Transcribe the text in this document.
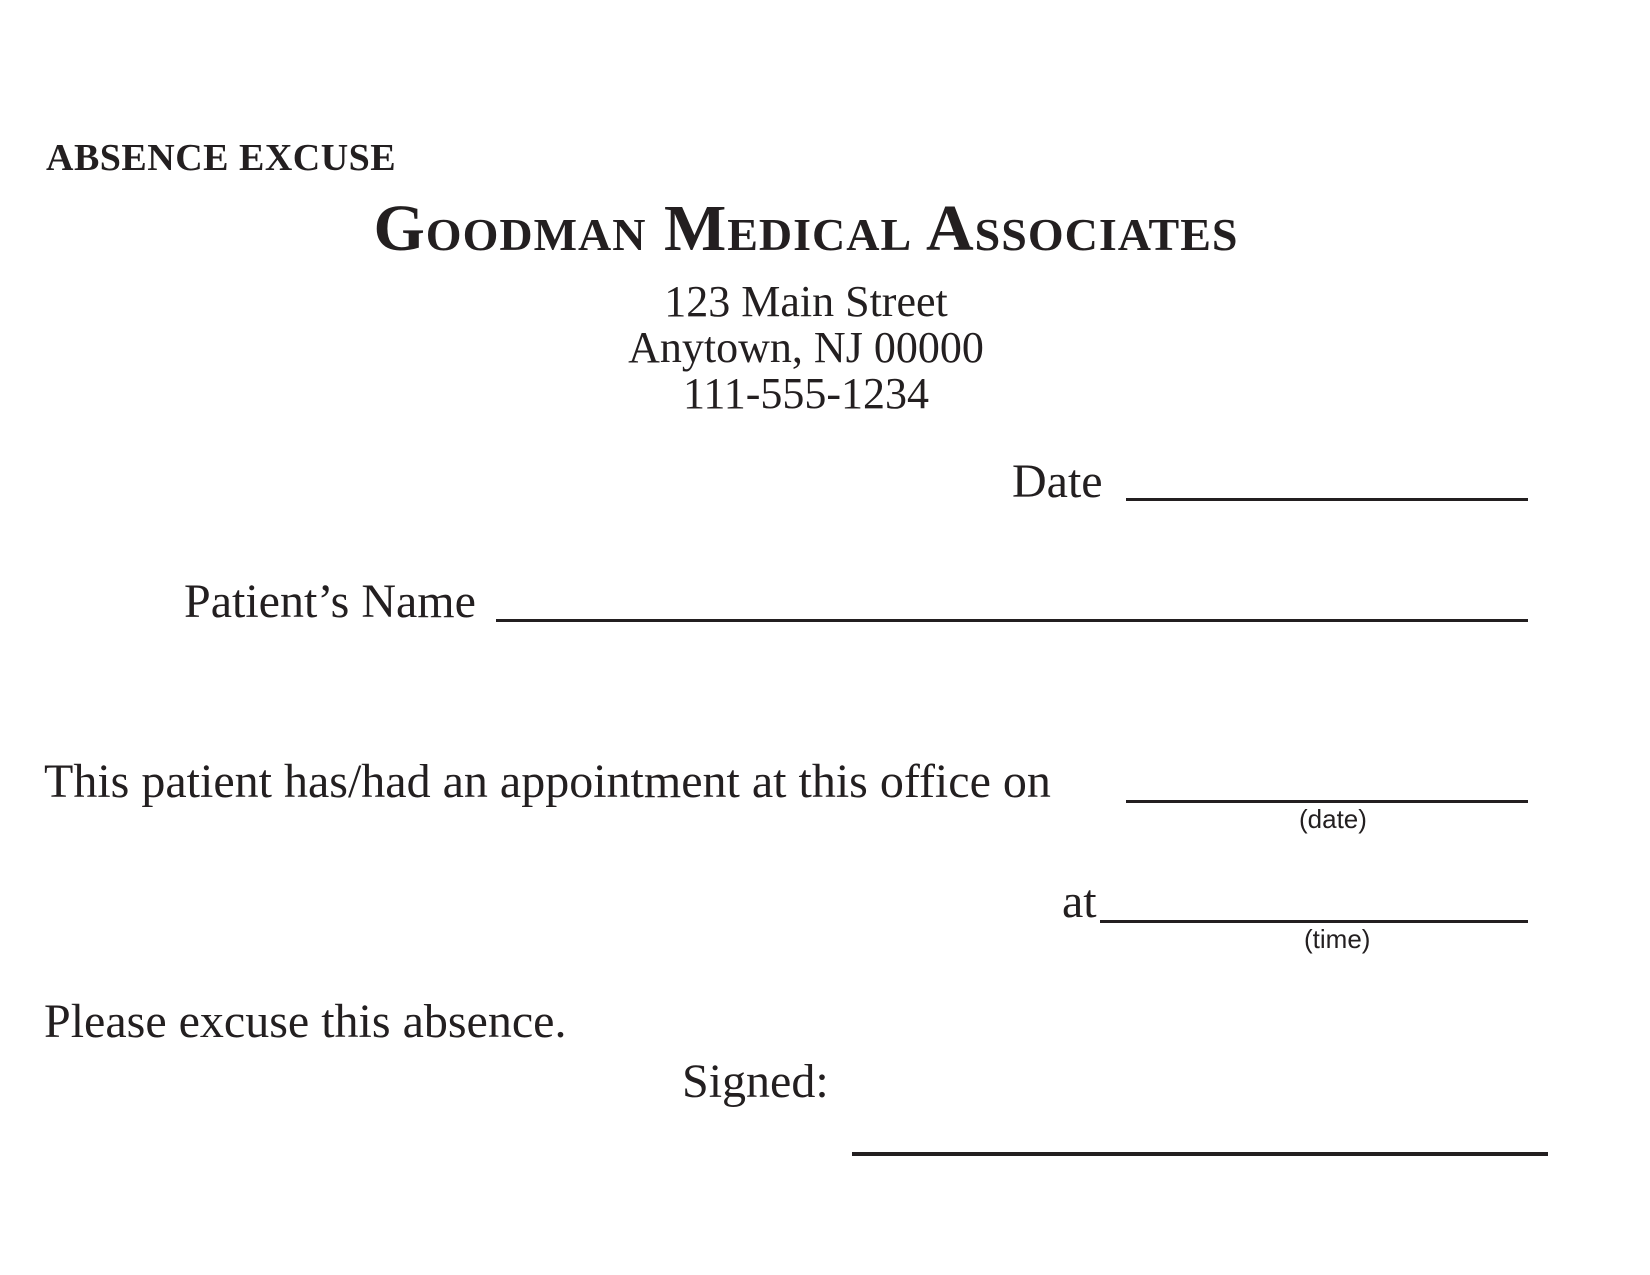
ABSENCE EXCUSE
Goodman Medical Associates
123 Main Street
Anytown, NJ 00000
111-555-1234
Date
Patient’s Name
This patient has/had an appointment at this office on
(date)
at
(time)
Please excuse this absence.
Signed:
